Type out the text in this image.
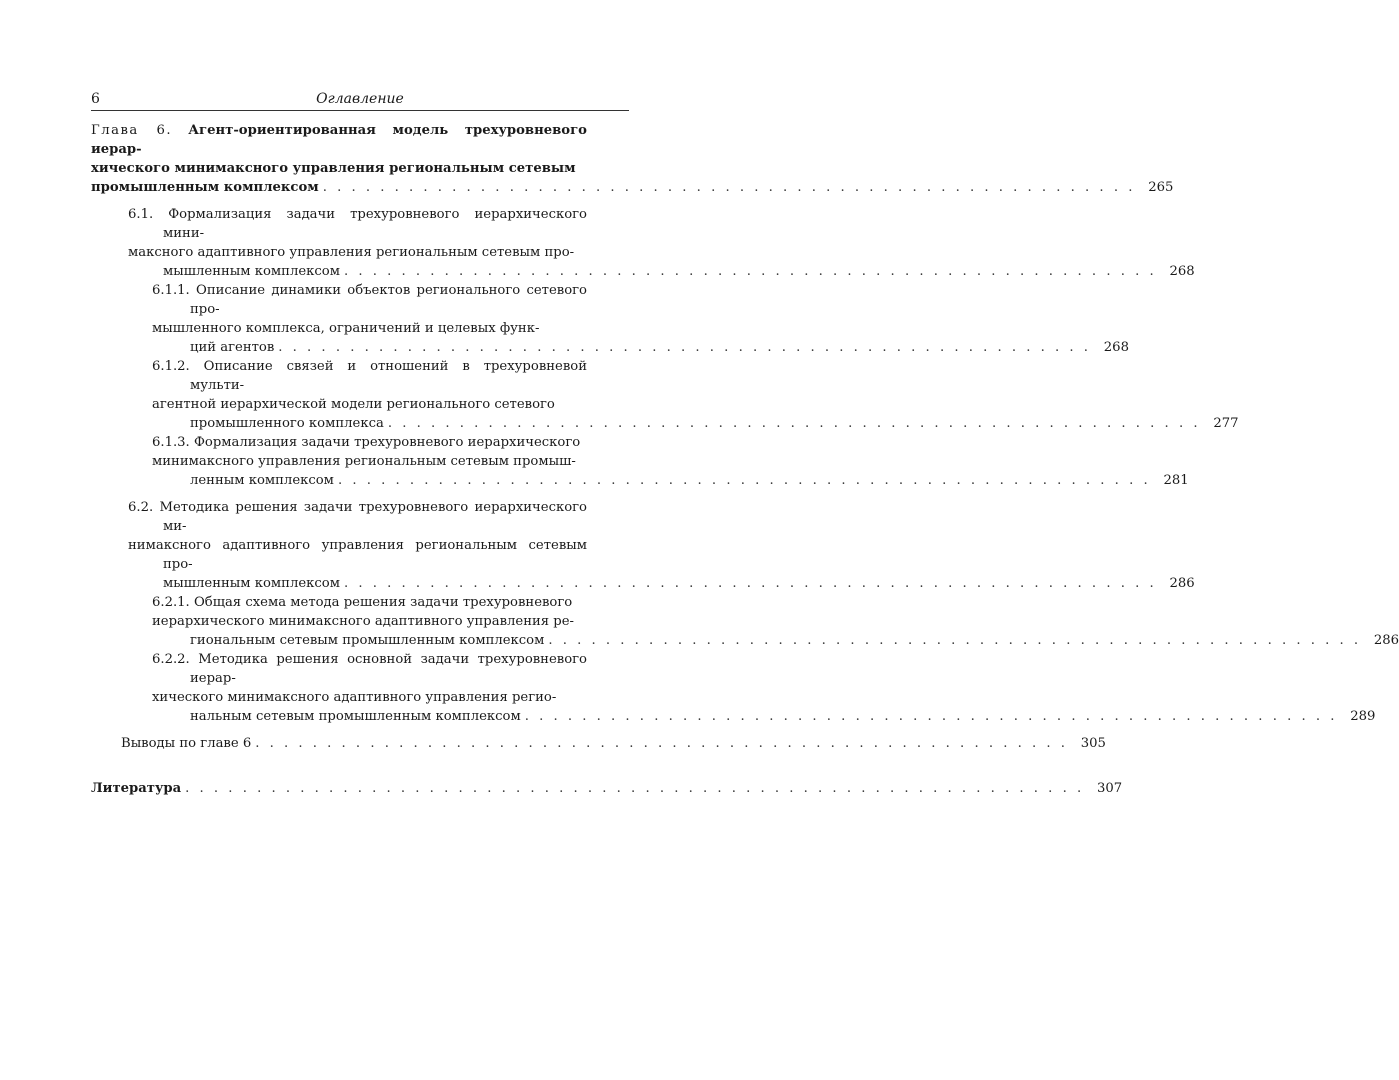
6	Оглавление
Глава 6. Агент-ориентированная модель трехуровневого иерар-
хического минимаксного управления региональным сетевым
промышленным комплексом . . . . . . . . . . . . . . . . . . . . . . . . . . . . . . . . . . . . . . . . . . . . . . . . . . . . . . . . . 265
6.1. Формализация задачи трехуровневого иерархического мини-
максного адаптивного управления региональным сетевым про-
мышленным комплексом . . . . . . . . . . . . . . . . . . . . . . . . . . . . . . . . . . . . . . . . . . . . . . . . . . . . . . . . . 268
6.1.1. Описание динамики объектов регионального сетевого про-
мышленного комплекса, ограничений и целевых функ-
ций агентов . . . . . . . . . . . . . . . . . . . . . . . . . . . . . . . . . . . . . . . . . . . . . . . . . . . . . . . . . 268
6.1.2. Описание связей и отношений в трехуровневой мульти-
агентной иерархической модели регионального сетевого
промышленного комплекса . . . . . . . . . . . . . . . . . . . . . . . . . . . . . . . . . . . . . . . . . . . . . . . . . . . . . . . . . 277
6.1.3. Формализация задачи трехуровневого иерархического
минимаксного управления региональным сетевым промыш-
ленным комплексом . . . . . . . . . . . . . . . . . . . . . . . . . . . . . . . . . . . . . . . . . . . . . . . . . . . . . . . . . 281
6.2. Методика решения задачи трехуровневого иерархического ми-
нимаксного адаптивного управления региональным сетевым про-
мышленным комплексом . . . . . . . . . . . . . . . . . . . . . . . . . . . . . . . . . . . . . . . . . . . . . . . . . . . . . . . . . 286
6.2.1. Общая схема метода решения задачи трехуровневого
иерархического минимаксного адаптивного управления ре-
гиональным сетевым промышленным комплексом . . . . . . . . . . . . . . . . . . . . . . . . . . . . . . . . . . . . . . . . . . . . . . . . . . . . . . . . . 286
6.2.2. Методика решения основной задачи трехуровневого иерар-
хического минимаксного адаптивного управления регио-
нальным сетевым промышленным комплексом . . . . . . . . . . . . . . . . . . . . . . . . . . . . . . . . . . . . . . . . . . . . . . . . . . . . . . . . . 289
Выводы по главе 6 . . . . . . . . . . . . . . . . . . . . . . . . . . . . . . . . . . . . . . . . . . . . . . . . . . . . . . . . . 305
Литература . . . . . . . . . . . . . . . . . . . . . . . . . . . . . . . . . . . . . . . . . . . . . . . . . . . . . . . . . . . . . . . 307
